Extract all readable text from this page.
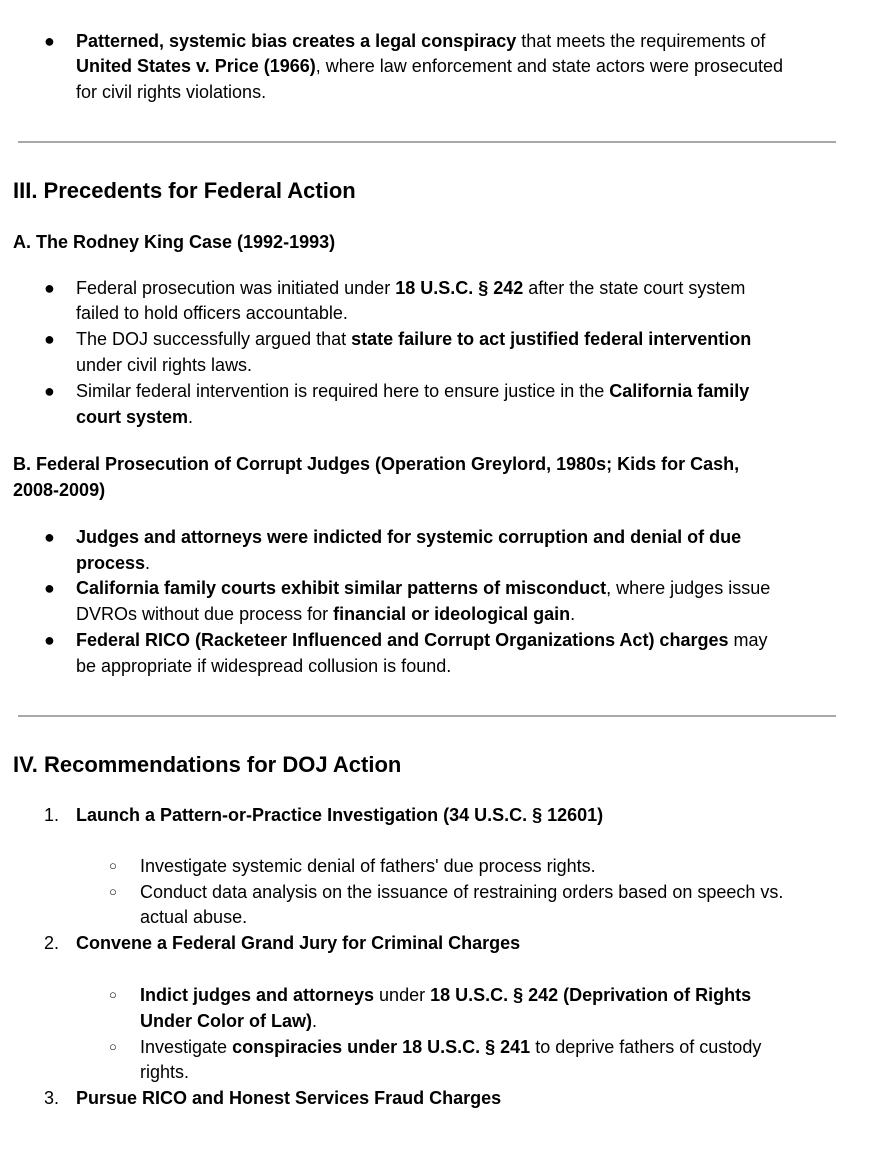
● Patterned, systemic bias creates a legal conspiracy that meets the requirements of
United States v. Price (1966), where law enforcement and state actors were prosecuted
for civil rights violations.
III. Precedents for Federal Action
A. The Rodney King Case (1992-1993)
● Federal prosecution was initiated under 18 U.S.C. § 242 after the state court system
failed to hold officers accountable.
● The DOJ successfully argued that state failure to act justified federal intervention
under civil rights laws.
● Similar federal intervention is required here to ensure justice in the California family
court system.
B. Federal Prosecution of Corrupt Judges (Operation Greylord, 1980s; Kids for Cash,
2008-2009)
● Judges and attorneys were indicted for systemic corruption and denial of due
process.
● California family courts exhibit similar patterns of misconduct, where judges issue
DVROs without due process for financial or ideological gain.
● Federal RICO (Racketeer Influenced and Corrupt Organizations Act) charges may
be appropriate if widespread collusion is found.
IV. Recommendations for DOJ Action
1. Launch a Pattern-or-Practice Investigation (34 U.S.C. § 12601)
○ Investigate systemic denial of fathers' due process rights.
○ Conduct data analysis on the issuance of restraining orders based on speech vs.
actual abuse.
2. Convene a Federal Grand Jury for Criminal Charges
○ Indict judges and attorneys under 18 U.S.C. § 242 (Deprivation of Rights
Under Color of Law).
○ Investigate conspiracies under 18 U.S.C. § 241 to deprive fathers of custody
rights.
3. Pursue RICO and Honest Services Fraud Charges
